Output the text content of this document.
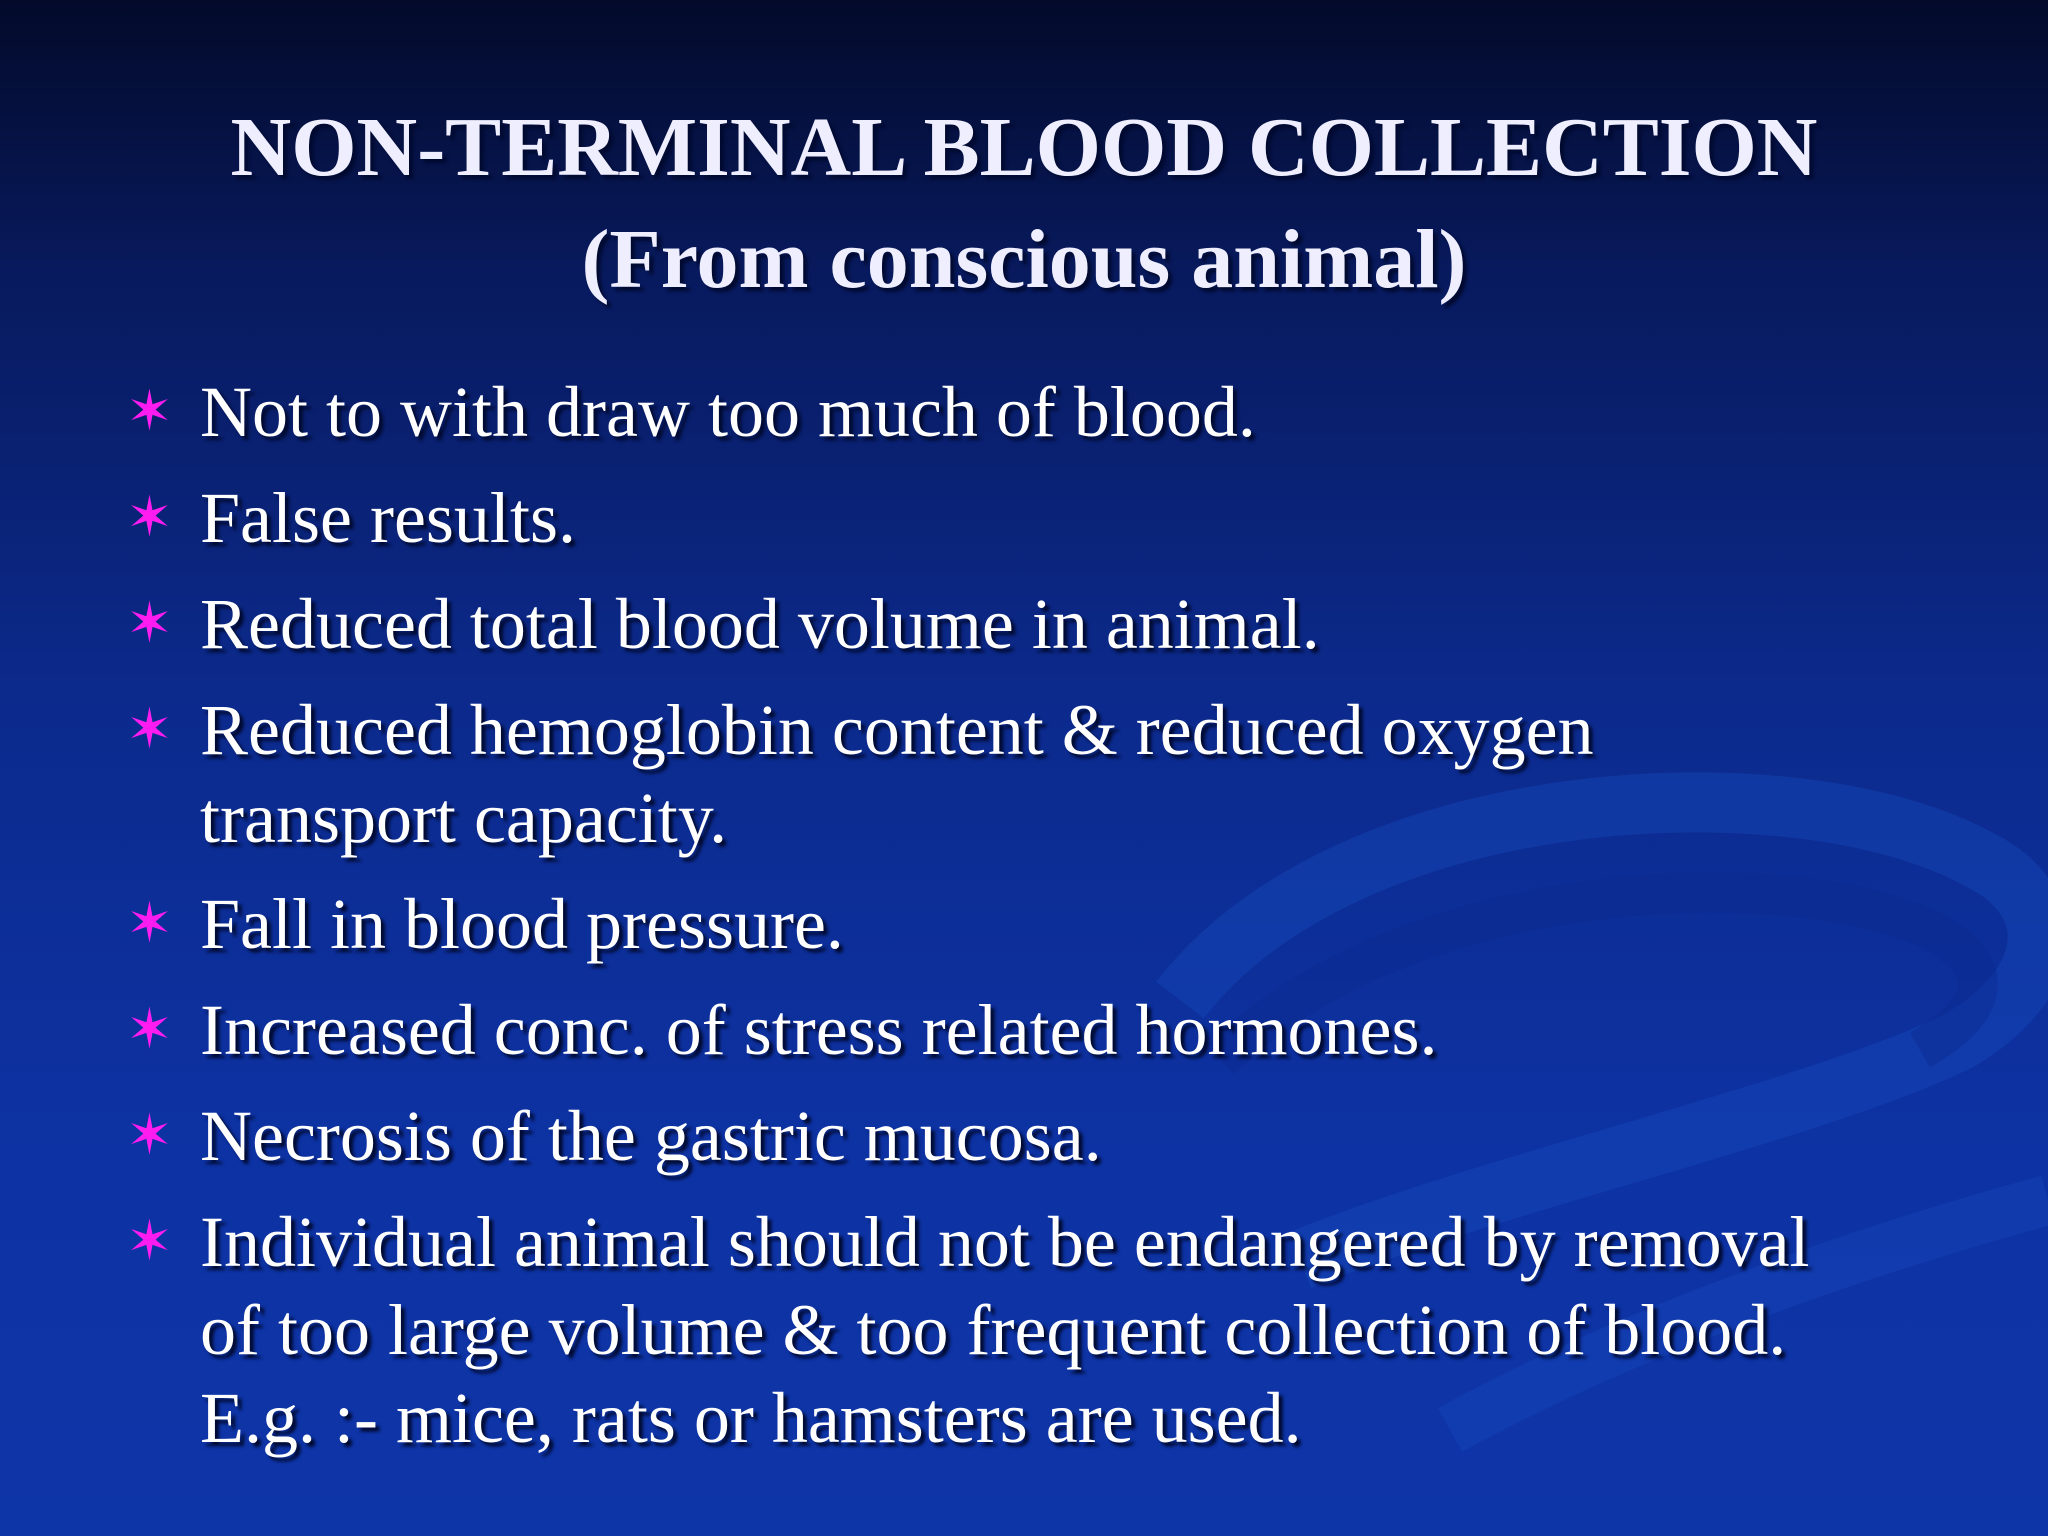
NON-TERMINAL BLOOD COLLECTION
(From conscious animal)
✶ Not to with draw too much of blood.
✶ False results.
✶ Reduced total blood volume in animal.
✶ Reduced hemoglobin content & reduced oxygen
transport capacity.
✶ Fall in blood pressure.
✶ Increased conc. of stress related hormones.
✶ Necrosis of the gastric mucosa.
✶ Individual animal should not be endangered by removal
of too large volume & too frequent collection of blood.
E.g. :- mice, rats or hamsters are used.
